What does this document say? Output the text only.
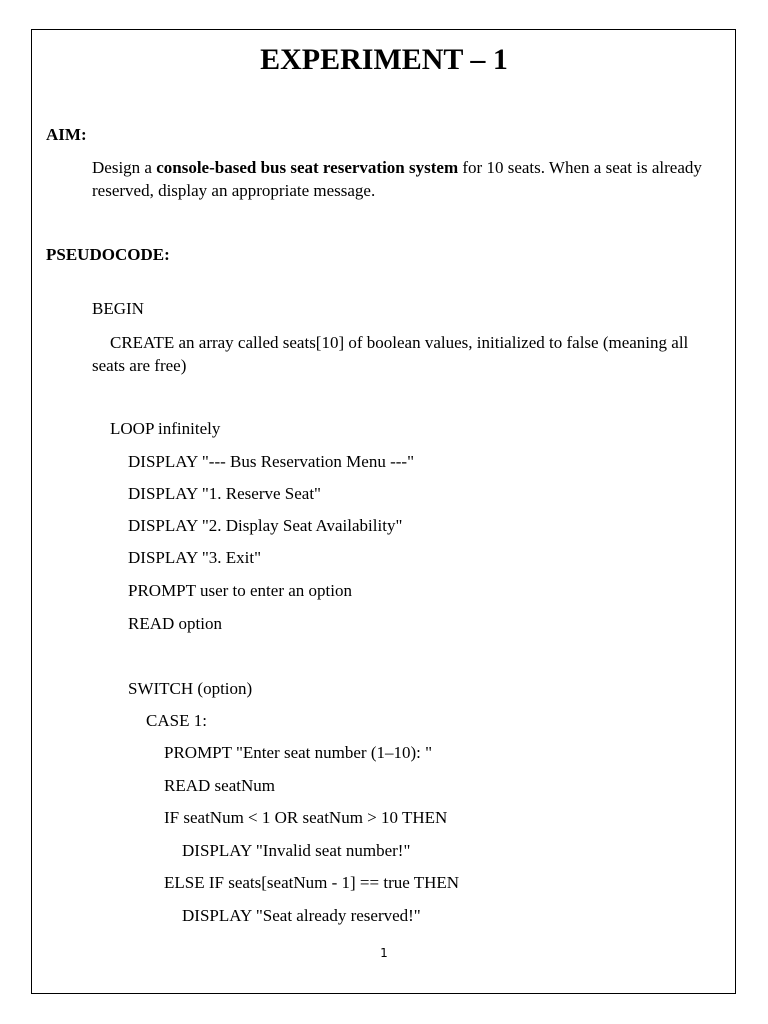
EXPERIMENT – 1
AIM:
Design a console-based bus seat reservation system for 10 seats. When a seat is already reserved, display an appropriate message.
PSEUDOCODE:
BEGIN
CREATE an array called seats[10] of boolean values, initialized to false (meaning all seats are free)
LOOP infinitely
DISPLAY "--- Bus Reservation Menu ---"
DISPLAY "1. Reserve Seat"
DISPLAY "2. Display Seat Availability"
DISPLAY "3. Exit"
PROMPT user to enter an option
READ option
SWITCH (option)
CASE 1:
PROMPT "Enter seat number (1–10): "
READ seatNum
IF seatNum < 1 OR seatNum > 10 THEN
DISPLAY "Invalid seat number!"
ELSE IF seats[seatNum - 1] == true THEN
DISPLAY "Seat already reserved!"
1
